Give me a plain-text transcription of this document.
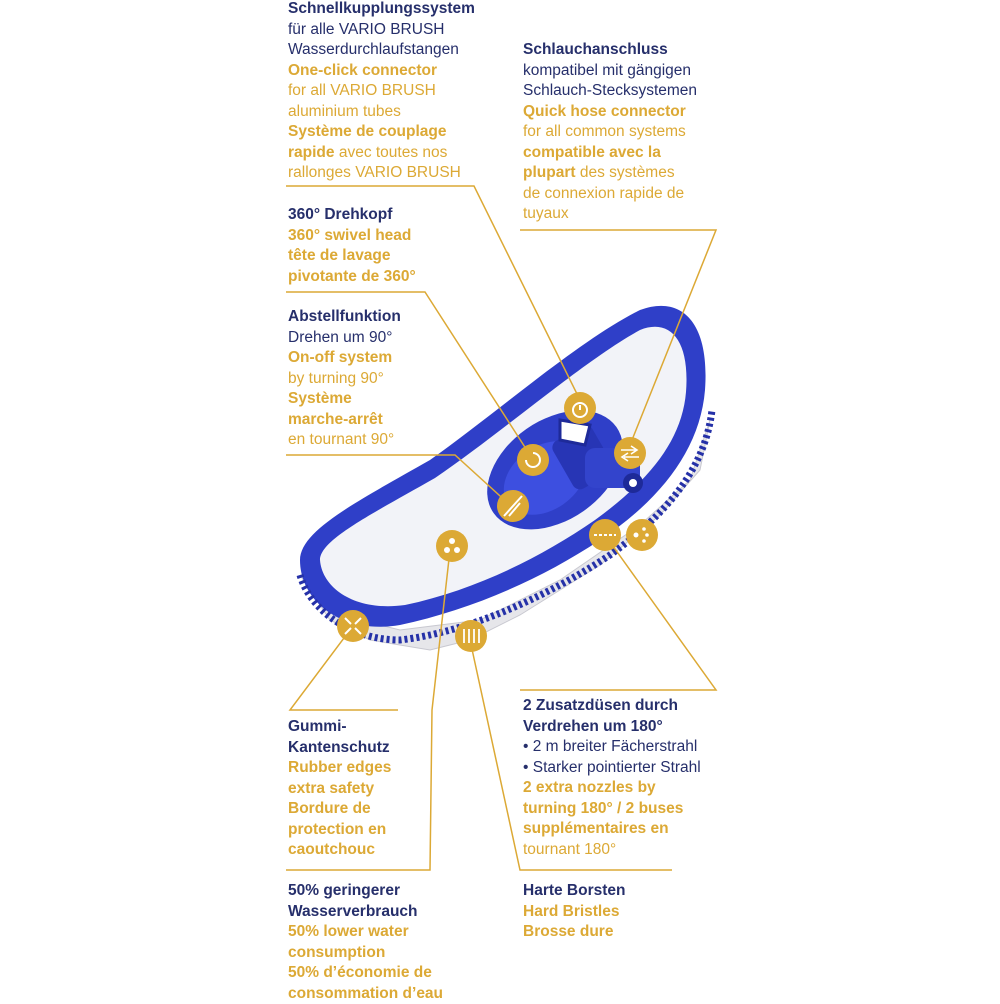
Schnellkupplungssystem
für alle VARIO BRUSH
Wasserdurchlaufstangen
One-click connector
for all VARIO BRUSH
aluminium tubes
Système de couplage
rapide avec toutes nos
rallonges VARIO BRUSH
Schlauchanschluss
kompatibel mit gängigen
Schlauch-Stecksystemen
Quick hose connector
for all common systems
compatible avec la
plupart des systèmes
de connexion rapide de
tuyaux
360° Drehkopf
360° swivel head
tête de lavage
pivotante de 360°
Abstellfunktion
Drehen um 90°
On-off system
by turning 90°
Système
marche-arrêt
en tournant 90°
Gummi-
Kantenschutz
Rubber edges
extra safety
Bordure de
protection en
caoutchouc
50% geringerer
Wasserverbrauch
50% lower water
consumption
50% d’économie de
consommation d’eau
2 Zusatzdüsen durch
Verdrehen um 180°
• 2 m breiter Fächerstrahl
• Starker pointierter Strahl
2 extra nozzles by
turning 180° / 2 buses
supplémentaires en
tournant 180°
Harte Borsten
Hard Bristles
Brosse dure
